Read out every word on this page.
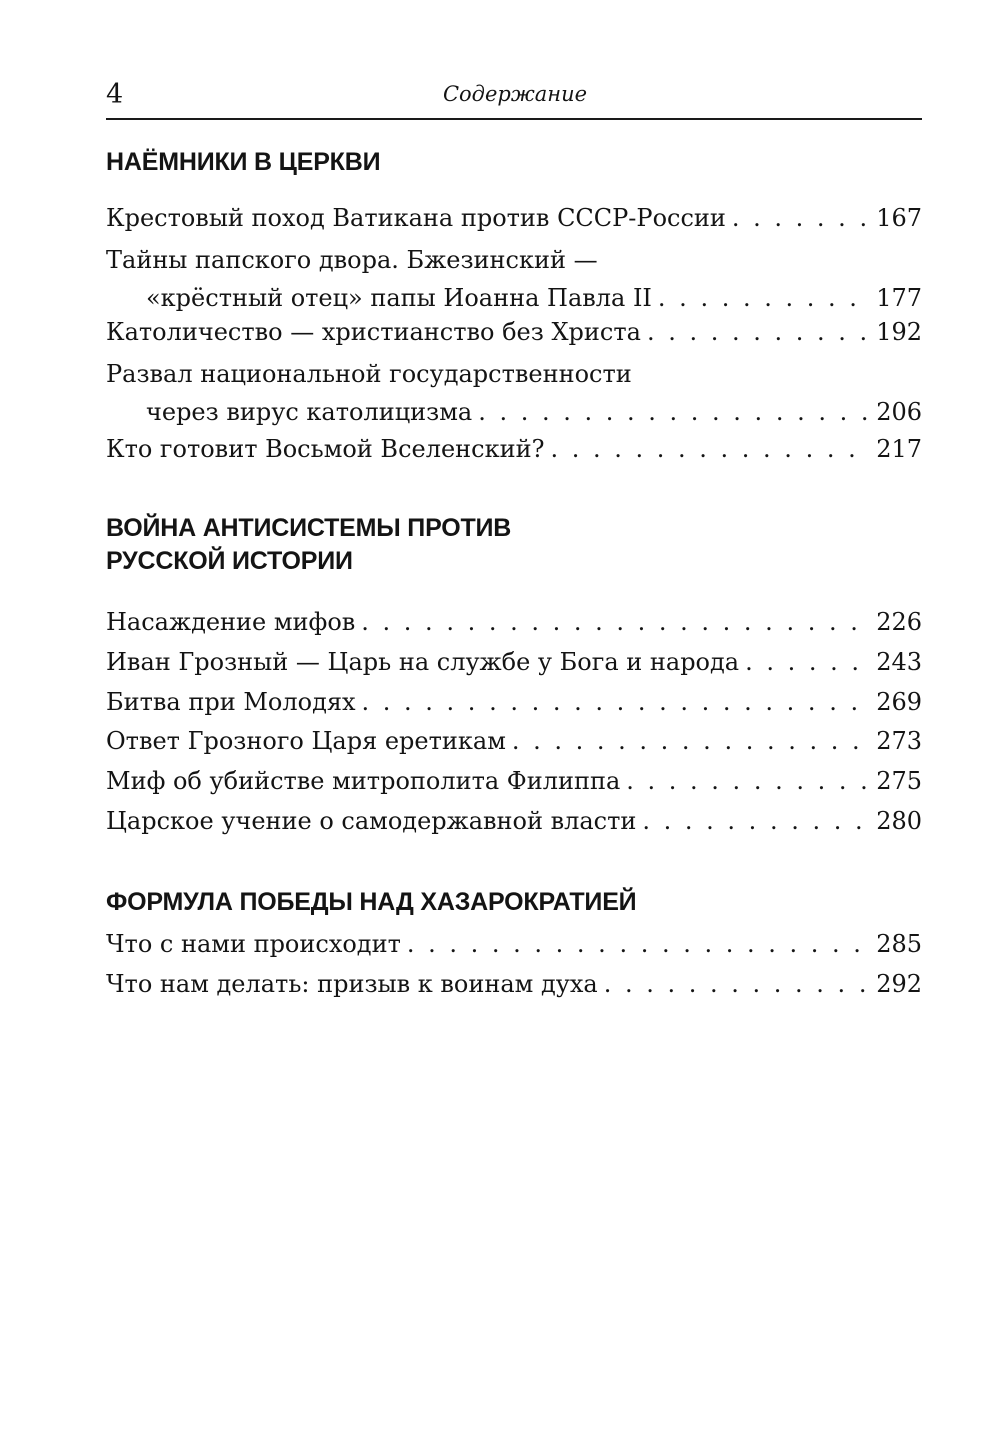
4	Содержание
НАЁМНИКИ В ЦЕРКВИ
Крестовый поход Ватикана против СССР-России . . .	167
Тайны папского двора. Бжезинский —
«крёстный отец» папы Иоанна Павла II . . .	177
Католичество — христианство без Христа . . .	192
Развал национальной государственности
через вирус католицизма . . .	206
Кто готовит Восьмой Вселенский? . . .	217
ВОЙНА АНТИСИСТЕМЫ ПРОТИВ
РУССКОЙ ИСТОРИИ
Насаждение мифов . . .	226
Иван Грозный — Царь на службе у Бога и народа . . .	243
Битва при Молодях . . .	269
Ответ Грозного Царя еретикам . . .	273
Миф об убийстве митрополита Филиппа . . .	275
Царское учение о самодержавной власти . . .	280
ФОРМУЛА ПОБЕДЫ НАД ХАЗАРОКРАТИЕЙ
Что с нами происходит . . .	285
Что нам делать: призыв к воинам духа . . .	292
